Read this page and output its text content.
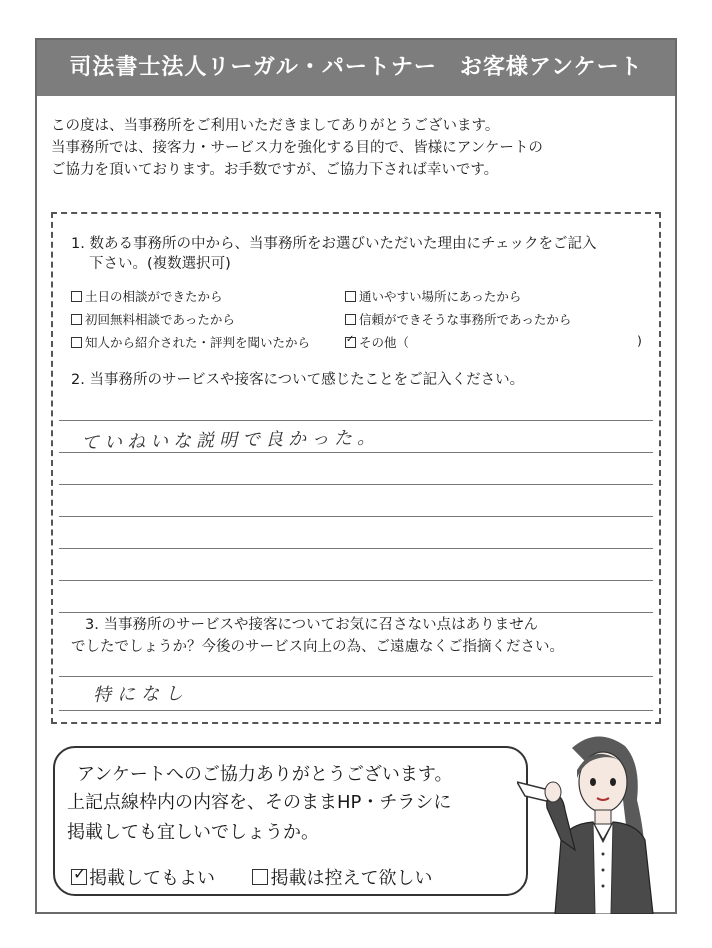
司法書士法人リーガル・パートナー　お客様アンケート

この度は、当事務所をご利用いただきましてありがとうございます。

当事務所では、接客力・サービス力を強化する目的で、皆様にアンケートの

ご協力を頂いております。お手数ですが、ご協力下されば幸いです。

1. 数ある事務所の中から、当事務所をお選びいただいた理由にチェックをご記入
下さい。(複数選択可)
土日の相談ができたから
初回無料相談であったから
知人から紹介された・評判を聞いたから
通いやすい場所にあったから
信頼ができそうな事務所であったから
✓その他（	)
2. 当事務所のサービスや接客について感じたことをご記入ください。
ていねいな説明で良かった。
3. 当事務所のサービスや接客についてお気に召さない点はありません
でしたでしょうか？今後のサービス向上の為、ご遠慮なくご指摘ください。
特になし
アンケートへのご協力ありがとうございます。
上記点線枠内の内容を、そのままHP・チラシに
掲載しても宜しいでしょうか。
✓掲載してもよい	掲載は控えて欲しい
